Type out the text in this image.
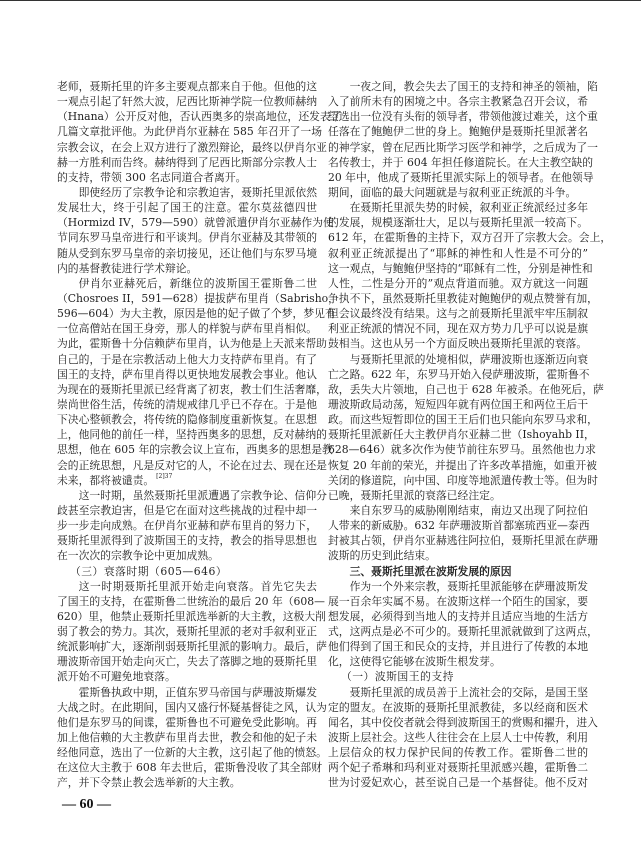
老师，聂斯托里的许多主要观点都来自于他。但他的这
一观点引起了轩然大波，尼西比斯神学院一位教师赫纳
（Hnana）公开反对他，否认西奥多的崇高地位，还发表了
几篇文章批评他。为此伊肖尔亚赫在 585 年召开了一场
宗教会议，在会上双方进行了激烈辩论，最终以伊肖尔亚
赫一方胜利而告终。赫纳得到了尼西比斯部分宗教人士
的支持，带领 300 名志同道合者离开。
即使经历了宗教争论和宗教迫害，聂斯托里派依然
发展壮大，终于引起了国王的注意。霍尔莫兹德四世
（Hormizd IV，579—590）就曾派遣伊肖尔亚赫作为使
节同东罗马皇帝进行和平谈判。伊肖尔亚赫及其带领的
随从受到东罗马皇帝的亲切接见，还让他们与东罗马境
内的基督教徒进行学术辩论。
伊肖尔亚赫死后，新继位的波斯国王霍斯鲁二世
（Chosroes II，591—628）提拔萨布里肖（Sabrisho，
596—604）为大主教，原因是他的妃子做了个梦，梦见有
一位高僧站在国王身旁，那人的样貌与萨布里肖相似。
为此，霍斯鲁十分信赖萨布里肖，认为他是上天派来帮助
自己的，于是在宗教活动上他大力支持萨布里肖。有了
国王的支持，萨布里肖得以更快地发展教会事业。他认
为现在的聂斯托里派已经背离了初衷，教士们生活奢靡，
崇尚世俗生活，传统的清规戒律几乎已不存在。于是他
下决心整顿教会，将传统的隐修制度重新恢复。在思想
上，他同他的前任一样，坚持西奥多的思想，反对赫纳的
思想，他在 605 年的宗教会议上宣布，西奥多的思想是教
会的正统思想，凡是反对它的人，不论在过去、现在还是
未来，都将被谴责。 $^{[2]37}$
这一时期，虽然聂斯托里派遭遇了宗教争论、信仰分
歧甚至宗教迫害，但是它在面对这些挑战的过程中却一
步一步走向成熟。在伊肖尔亚赫和萨布里肖的努力下，
聂斯托里派得到了波斯国王的支持，教会的指导思想也
在一次次的宗教争论中更加成熟。
（三）衰落时期（605—646）
这一时期聂斯托里派开始走向衰落。首先它失去
了国王的支持，在霍斯鲁二世统治的最后 20 年（608—
620）里，他禁止聂斯托里派选举新的大主教，这极大削
弱了教会的势力。其次，聂斯托里派的老对手叙利亚正
统派影响扩大，逐渐削弱聂斯托里派的影响力。最后，萨
珊波斯帝国开始走向灭亡，失去了落脚之地的聂斯托里
派开始不可避免地衰落。
霍斯鲁执政中期，正值东罗马帝国与萨珊波斯爆发
大战之时。在此期间，国内又盛行怀疑基督徒之风，认为
他们是东罗马的间谍，霍斯鲁也不可避免受此影响。再
加上他信赖的大主教萨布里肖去世，教会和他的妃子未
经他同意，选出了一位新的大主教，这引起了他的愤怒。
在这位大主教于 608 年去世后，霍斯鲁没收了其全部财
产，并下令禁止教会选举新的大主教。
一夜之间，教会失去了国王的支持和神圣的领袖，陷
入了前所未有的困境之中。各宗主教紧急召开会议，希
望选出一位没有头衔的领导者，带领他渡过难关，这个重
任落在了鲍鲍伊二世的身上。鲍鲍伊是聂斯托里派著名
的神学家，曾在尼西比斯学习医学和神学，之后成为了一
名传教士，并于 604 年担任修道院长。在大主教空缺的
20 年中，他成了聂斯托里派实际上的领导者。在他领导
期间，面临的最大问题就是与叙利亚正统派的斗争。
在聂斯托里派失势的时候，叙利亚正统派经过多年
的发展，规模逐渐壮大，足以与聂斯托里派一较高下。
612 年，在霍斯鲁的主持下，双方召开了宗教大会。会上，
叙利亚正统派提出了“耶稣的神性和人性是不可分的”
这一观点，与鲍鲍伊坚持的“耶稣有二性，分别是神性和
人性，二性是分开的”观点背道而驰。双方就这一问题
争执不下，虽然聂斯托里教徒对鲍鲍伊的观点赞誉有加，
但会议最终没有结果。这与之前聂斯托里派牢牢压制叙
利亚正统派的情况不同，现在双方势力几乎可以说是旗
鼓相当。这也从另一个方面反映出聂斯托里派的衰落。
与聂斯托里派的处境相似，萨珊波斯也逐渐迈向衰
亡之路。622 年，东罗马开始入侵萨珊波斯，霍斯鲁不
敌，丢失大片领地，自己也于 628 年被杀。在他死后，萨
珊波斯政局动荡，短短四年就有两位国王和两位王后干
政。而这些短暂即位的国王王后们也只能向东罗马求和，
聂斯托里派新任大主教伊肖尔亚赫二世（Ishoyahb II，
628—646）就多次作为使节前往东罗马。虽然他也力求
恢复 20 年前的荣光，并提出了许多改革措施，如重开被
关闭的修道院，向中国、印度等地派遣传教士等。但为时
已晚，聂斯托里派的衰落已经注定。
来自东罗马的威胁刚刚结束，南边又出现了阿拉伯
人带来的新威胁。632 年萨珊波斯首都塞琉西亚—泰西
封被其占领，伊肖尔亚赫逃往阿拉伯，聂斯托里派在萨珊
波斯的历史到此结束。
三、聂斯托里派在波斯发展的原因
作为一个外来宗教，聂斯托里派能够在萨珊波斯发
展一百余年实属不易。在波斯这样一个陌生的国家，要
想发展，必须得到当地人的支持并且适应当地的生活方
式，这两点是必不可少的。聂斯托里派就做到了这两点，
他们得到了国王和民众的支持，并且进行了传教的本地
化，这使得它能够在波斯生根发芽。
（一）波斯国王的支持
聂斯托里派的成员善于上流社会的交际，是国王坚
定的盟友。在波斯的聂斯托里派教徒，多以经商和医术
闻名，其中佼佼者就会得到波斯国王的赏赐和擢升，进入
波斯上层社会。这些人往往会在上层人士中传教，利用
上层信众的权力保护民间的传教工作。霍斯鲁二世的
两个妃子希琳和玛利亚对聂斯托里派感兴趣，霍斯鲁二
世为讨爱妃欢心，甚至说自己是一个基督徒。他不反对
— 60 —
